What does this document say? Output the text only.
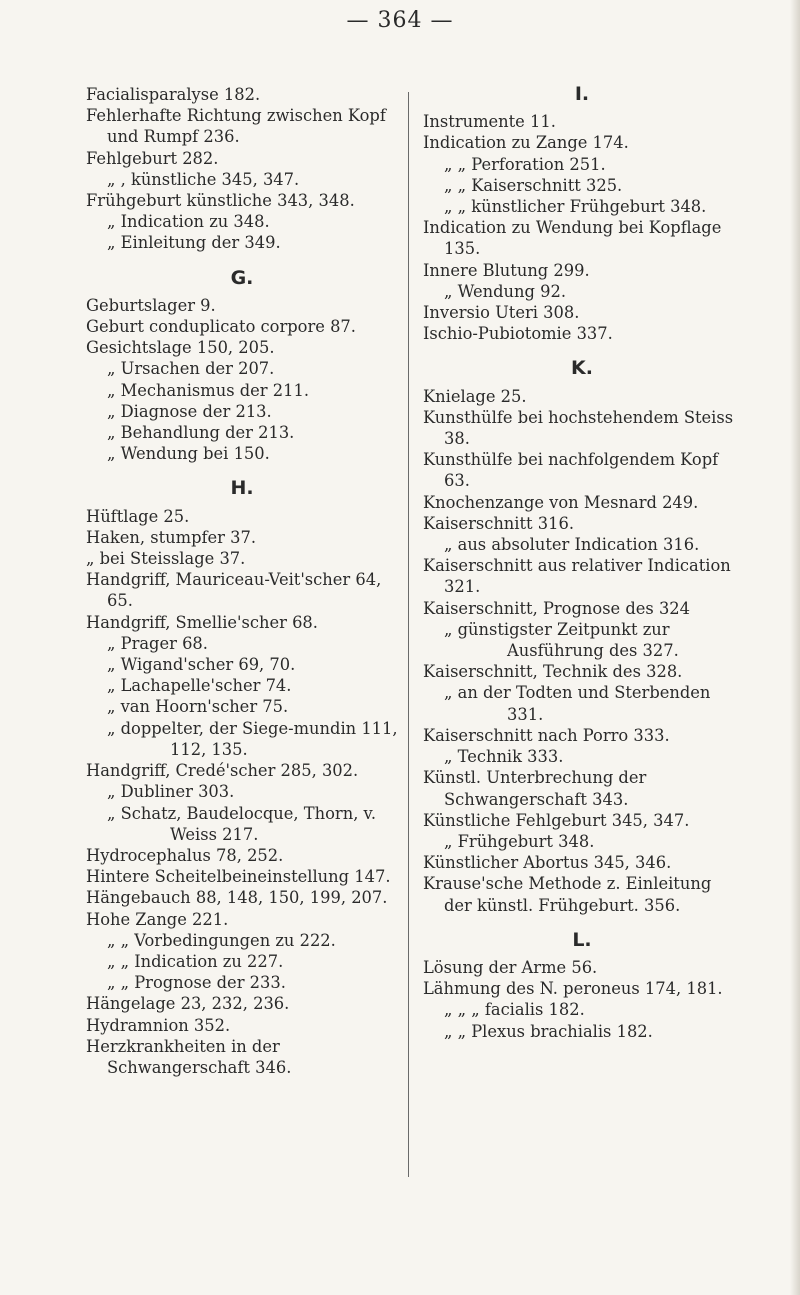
— 364 —
Facialisparalyse 182.
Fehlerhafte Richtung zwischen Kopf und Rumpf 236.
Fehlgeburt 282.
„ , künstliche 345, 347.
Frühgeburt künstliche 343, 348.
„ Indication zu 348.
„ Einleitung der 349.
G.
Geburtslager 9.
Geburt conduplicato corpore 87.
Gesichtslage 150, 205.
„ Ursachen der 207.
„ Mechanismus der 211.
„ Diagnose der 213.
„ Behandlung der 213.
„ Wendung bei 150.
H.
Hüftlage 25.
Haken, stumpfer 37.
„ bei Steisslage 37.
Handgriff, Mauriceau-Veit'scher 64, 65.
Handgriff, Smellie'scher 68.
„ Prager 68.
„ Wigand'scher 69, 70.
„ Lachapelle'scher 74.
„ van Hoorn'scher 75.
„ doppelter, der Siege-mundin 111, 112, 135.
Handgriff, Credé'scher 285, 302.
„ Dubliner 303.
„ Schatz, Baudelocque, Thorn, v. Weiss 217.
Hydrocephalus 78, 252.
Hintere Scheitelbeineinstellung 147.
Hängebauch 88, 148, 150, 199, 207.
Hohe Zange 221.
„ „ Vorbedingungen zu 222.
„ „ Indication zu 227.
„ „ Prognose der 233.
Hängelage 23, 232, 236.
Hydramnion 352.
Herzkrankheiten in der Schwangerschaft 346.
I.
Instrumente 11.
Indication zu Zange 174.
„ „ Perforation 251.
„ „ Kaiserschnitt 325.
„ „ künstlicher Frühgeburt 348.
Indication zu Wendung bei Kopflage 135.
Innere Blutung 299.
„ Wendung 92.
Inversio Uteri 308.
Ischio-Pubiotomie 337.
K.
Knielage 25.
Kunsthülfe bei hochstehendem Steiss 38.
Kunsthülfe bei nachfolgendem Kopf 63.
Knochenzange von Mesnard 249.
Kaiserschnitt 316.
„ aus absoluter Indication 316.
Kaiserschnitt aus relativer Indication 321.
Kaiserschnitt, Prognose des 324
„ günstigster Zeitpunkt zur Ausführung des 327.
Kaiserschnitt, Technik des 328.
„ an der Todten und Sterbenden 331.
Kaiserschnitt nach Porro 333.
„ Technik 333.
Künstl. Unterbrechung der Schwangerschaft 343.
Künstliche Fehlgeburt 345, 347.
„ Frühgeburt 348.
Künstlicher Abortus 345, 346.
Krause'sche Methode z. Einleitung der künstl. Frühgeburt. 356.
L.
Lösung der Arme 56.
Lähmung des N. peroneus 174, 181.
„ „ „ facialis 182.
„ „ Plexus brachialis 182.
